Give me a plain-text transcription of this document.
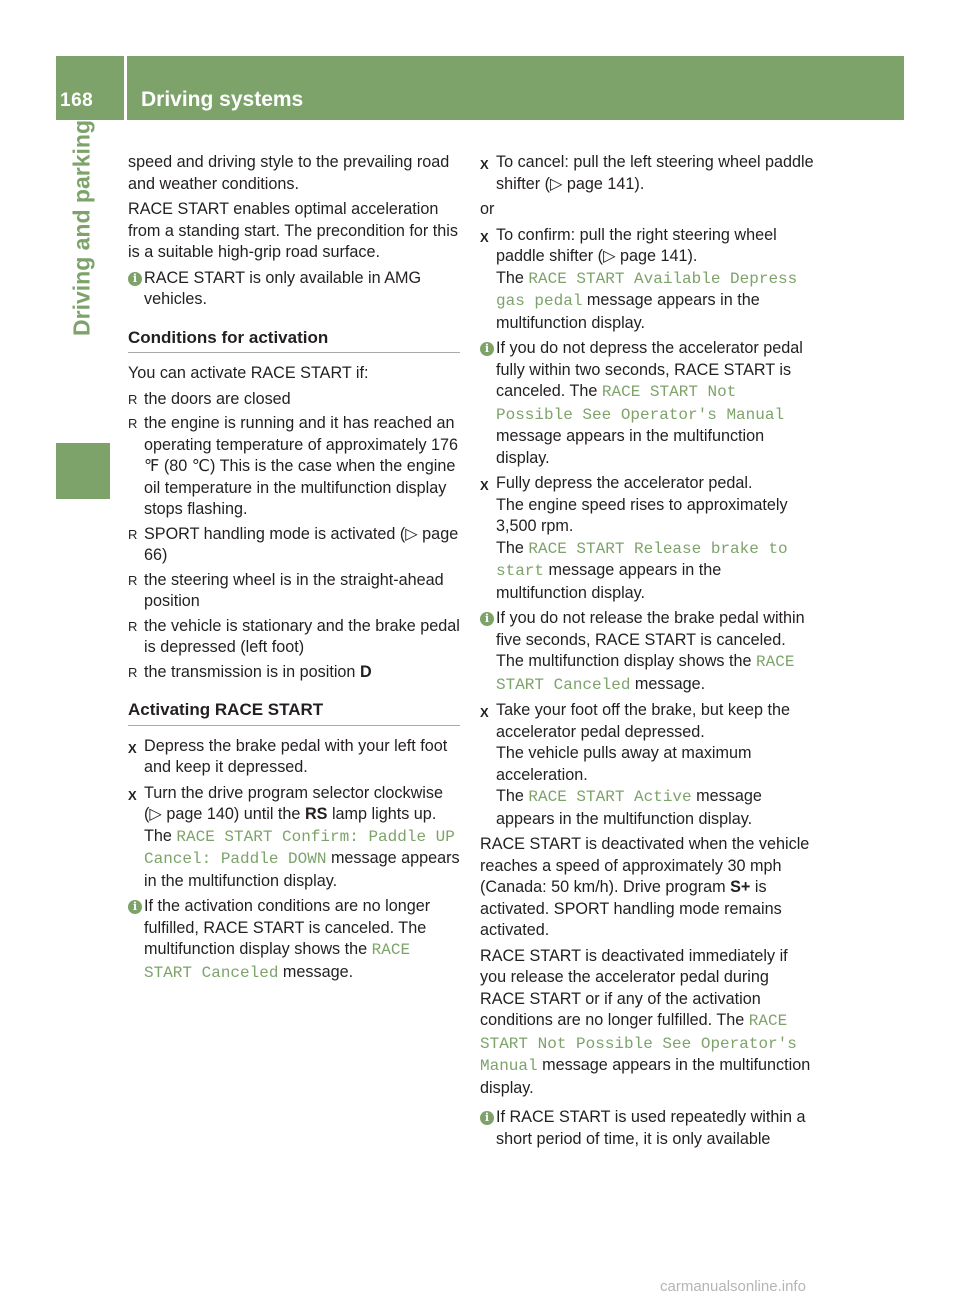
168	Driving systems
Driving and parking speed and driving style to the prevailing road and weather conditions.

RACE START enables optimal acceleration from a standing start. The precondition for this is a suitable high-grip road surface.

i RACE START is only available in AMG vehicles.
Conditions for activation

You can activate RACE START if:

R the doors are closed
R the engine is running and it has reached an operating temperature of approximately 176 ℉ (80 ℃) This is the case when the engine oil temperature in the multifunction display stops flashing.
R SPORT handling mode is activated (▷ page 66)
R the steering wheel is in the straight-ahead position
R the vehicle is stationary and the brake pedal is depressed (left foot)
R the transmission is in position D
Activating RACE START
X Depress the brake pedal with your left foot and keep it depressed.
X Turn the drive program selector clockwise (▷ page 140) until the RS lamp lights up.
The RACE START Confirm: Paddle UP Cancel: Paddle DOWN message appears in the multifunction display.
i If the activation conditions are no longer fulfilled, RACE START is canceled. The multifunction display shows the RACE START Canceled message.
X To cancel: pull the left steering wheel paddle shifter (▷ page 141).

or

X To confirm: pull the right steering wheel paddle shifter (▷ page 141).
The RACE START Available Depress gas pedal message appears in the multifunction display.
i If you do not depress the accelerator pedal fully within two seconds, RACE START is canceled. The RACE START Not Possible See Operator's Manual message appears in the multifunction display.
X Fully depress the accelerator pedal.
The engine speed rises to approximately 3,500 rpm.
The RACE START Release brake to start message appears in the multifunction display.
i If you do not release the brake pedal within five seconds, RACE START is canceled. The multifunction display shows the RACE START Canceled message.
X Take your foot off the brake, but keep the accelerator pedal depressed.
The vehicle pulls away at maximum acceleration.
The RACE START Active message appears in the multifunction display.

RACE START is deactivated when the vehicle reaches a speed of approximately 30 mph (Canada: 50 km/h). Drive program S+ is activated. SPORT handling mode remains activated.

RACE START is deactivated immediately if you release the accelerator pedal during RACE START or if any of the activation conditions are no longer fulfilled. The RACE START Not Possible See Operator's Manual message appears in the multifunction display.

i If RACE START is used repeatedly within a short period of time, it is only available
carmanualsonline.info
